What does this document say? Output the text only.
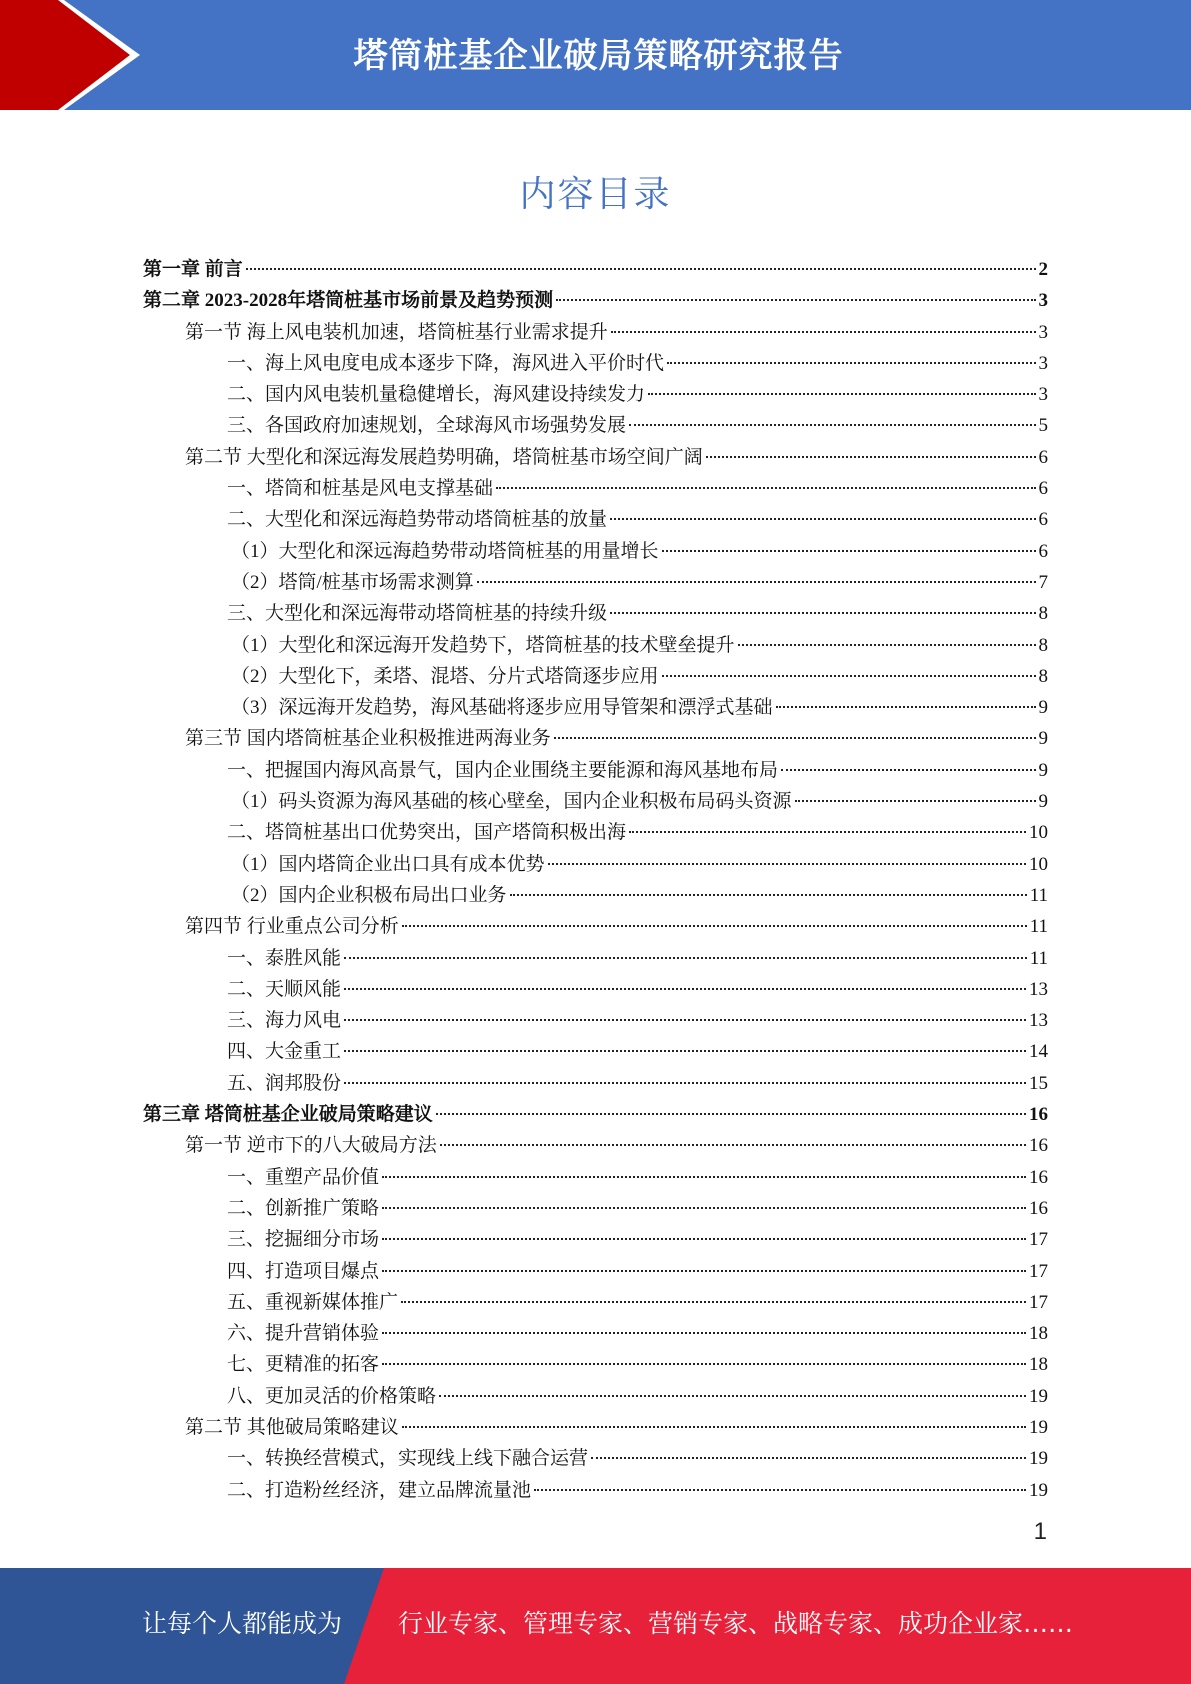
塔筒桩基企业破局策略研究报告
内容目录
第一章 前言	2
第二章 2023-2028年塔筒桩基市场前景及趋势预测	3
第一节 海上风电装机加速，塔筒桩基行业需求提升	3
一、海上风电度电成本逐步下降，海风进入平价时代	3
二、国内风电装机量稳健增长，海风建设持续发力	3
三、各国政府加速规划，全球海风市场强势发展	5
第二节 大型化和深远海发展趋势明确，塔筒桩基市场空间广阔	6
一、塔筒和桩基是风电支撑基础	6
二、大型化和深远海趋势带动塔筒桩基的放量	6
（1）大型化和深远海趋势带动塔筒桩基的用量增长	6
（2）塔筒/桩基市场需求测算	7
三、大型化和深远海带动塔筒桩基的持续升级	8
（1）大型化和深远海开发趋势下，塔筒桩基的技术壁垒提升	8
（2）大型化下，柔塔、混塔、分片式塔筒逐步应用	8
（3）深远海开发趋势，海风基础将逐步应用导管架和漂浮式基础	9
第三节 国内塔筒桩基企业积极推进两海业务	9
一、把握国内海风高景气，国内企业围绕主要能源和海风基地布局	9
（1）码头资源为海风基础的核心壁垒，国内企业积极布局码头资源	9
二、塔筒桩基出口优势突出，国产塔筒积极出海	10
（1）国内塔筒企业出口具有成本优势	10
（2）国内企业积极布局出口业务	11
第四节 行业重点公司分析	11
一、泰胜风能	11
二、天顺风能	13
三、海力风电	13
四、大金重工	14
五、润邦股份	15
第三章 塔筒桩基企业破局策略建议	16
第一节 逆市下的八大破局方法	16
一、重塑产品价值	16
二、创新推广策略	16
三、挖掘细分市场	17
四、打造项目爆点	17
五、重视新媒体推广	17
六、提升营销体验	18
七、更精准的拓客	18
八、更加灵活的价格策略	19
第二节 其他破局策略建议	19
一、转换经营模式，实现线上线下融合运营	19
二、打造粉丝经济，建立品牌流量池	19
1
让每个人都能成为 行业专家、管理专家、营销专家、战略专家、成功企业家……
